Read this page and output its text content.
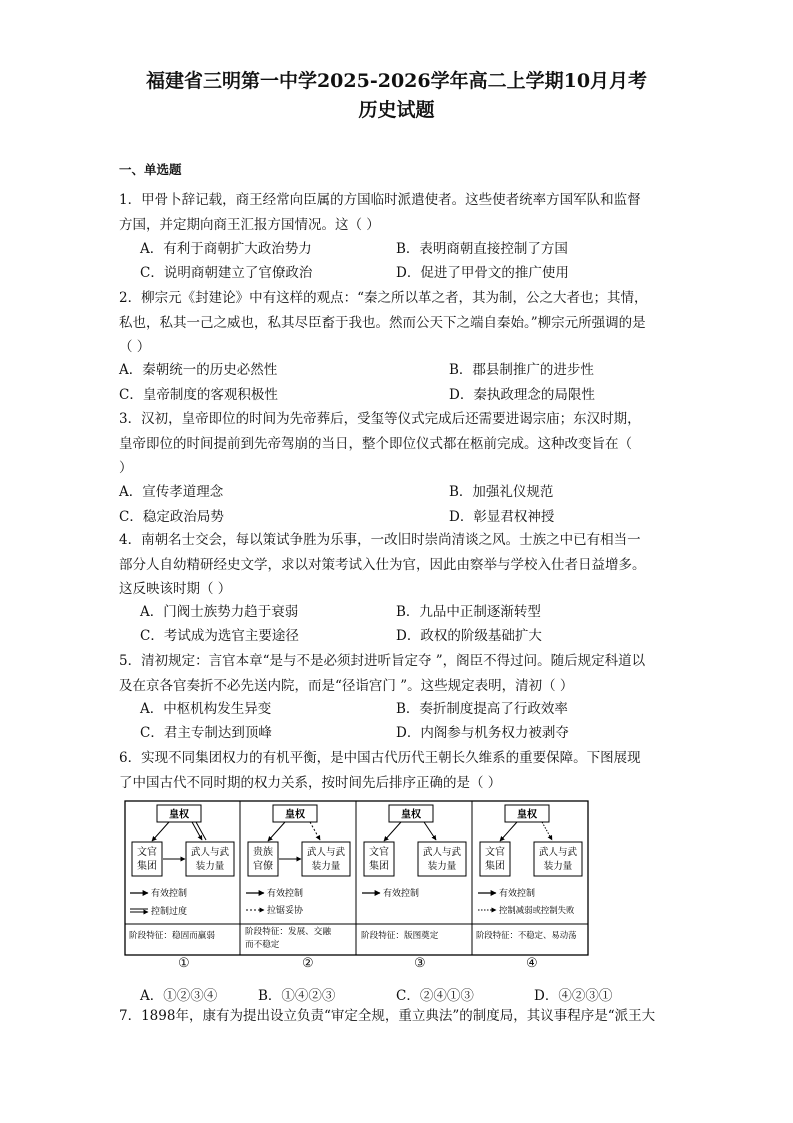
福建省三明第一中学2025-2026学年高二上学期10月月考
历史试题
一、单选题
1．甲骨卜辞记载，商王经常向臣属的方国临时派遣使者。这些使者统率方国军队和监督
方国，并定期向商王汇报方国情况。这（ ）
A．有利于商朝扩大政治势力	B．表明商朝直接控制了方国
C．说明商朝建立了官僚政治	D．促进了甲骨文的推广使用
2．柳宗元《封建论》中有这样的观点：“秦之所以革之者，其为制，公之大者也；其情，
私也，私其一己之威也，私其尽臣畜于我也。然而公天下之端自秦始。”柳宗元所强调的是
（ ）
A．秦朝统一的历史必然性	B．郡县制推广的进步性
C．皇帝制度的客观积极性	D．秦执政理念的局限性
3．汉初，皇帝即位的时间为先帝葬后，受玺等仪式完成后还需要进谒宗庙；东汉时期，
皇帝即位的时间提前到先帝驾崩的当日，整个即位仪式都在柩前完成。这种改变旨在（
）
A．宣传孝道理念	B．加强礼仪规范
C．稳定政治局势	D．彰显君权神授
4．南朝名士交会，每以策试争胜为乐事，一改旧时崇尚清谈之风。士族之中已有相当一
部分人自幼精研经史文学，求以对策考试入仕为官，因此由察举与学校入仕者日益增多。
这反映该时期（ ）
A．门阀士族势力趋于衰弱	B．九品中正制逐渐转型
C．考试成为选官主要途径	D．政权的阶级基础扩大
5．清初规定：言官本章“是与不是必须封进听旨定夺 ”，阁臣不得过问。随后规定科道以
及在京各官奏折不必先送内院，而是“径诣宫门 ”。这些规定表明，清初（ ）
A．中枢机构发生异变	B．奏折制度提高了行政效率
C．君主专制达到顶峰	D．内阁参与机务权力被剥夺
6．实现不同集团权力的有机平衡，是中国古代历代王朝长久维系的重要保障。下图展现
了中国古代不同时期的权力关系，按时间先后排序正确的是（ ）
皇权
文官
集团
武人与武
装力量
有效控制
控制过度
阶段特征：稳固而羸弱
皇权
贵族
官僚
武人与武
装力量
有效控制
拉锯妥协
阶段特征：发展、交融
而不稳定
皇权
文官
集团
武人与武
装力量
有效控制
阶段特征：版图奠定
皇权
文官
集团
武人与武
装力量
有效控制
控制减弱或控制失败
阶段特征：不稳定、易动荡
①	②	③	④
A．①②③④	B．①④②③	C．②④①③	D．④②③①
7．1898年，康有为提出设立负责“审定全规，重立典法”的制度局，其议事程序是“派王大
